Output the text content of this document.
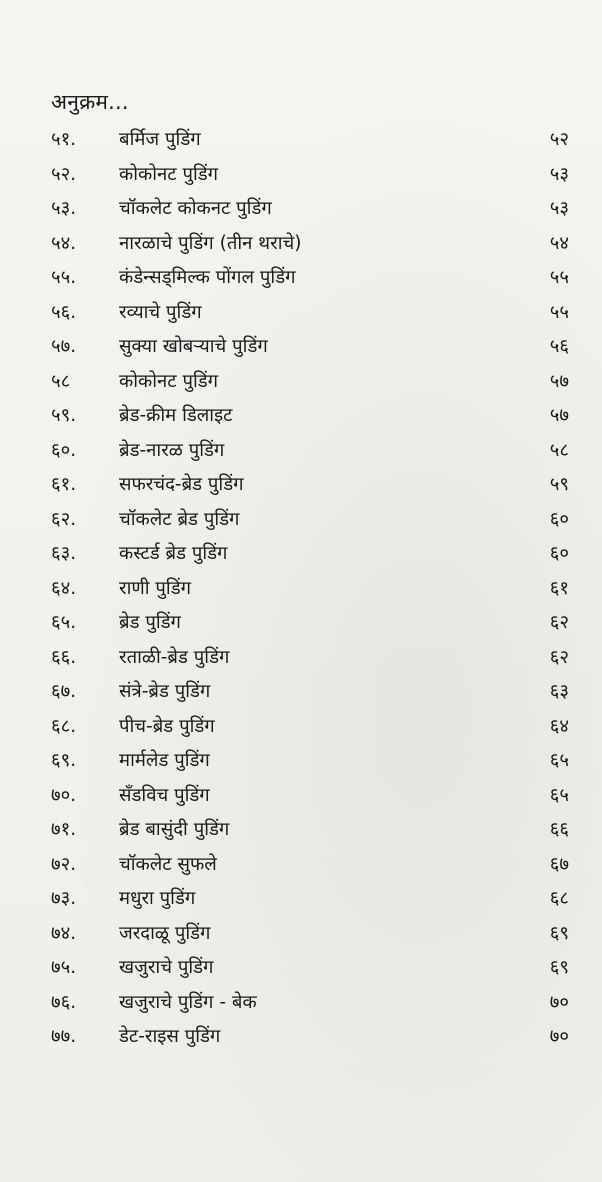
अनुक्रम...
५१.	बर्मिज पुडिंग	५२
५२.	कोकोनट पुडिंग	५३
५३.	चॉकलेट कोकनट पुडिंग	५३
५४.	नारळाचे पुडिंग (तीन थराचे)	५४
५५.	कंडेन्सड्मिल्क पोंगल पुडिंग	५५
५६.	रव्याचे पुडिंग	५५
५७.	सुक्या खोबऱ्याचे पुडिंग	५६
५८	कोकोनट पुडिंग	५७
५९.	ब्रेड-क्रीम डिलाइट	५७
६०.	ब्रेड-नारळ पुडिंग	५८
६१.	सफरचंद-ब्रेड पुडिंग	५९
६२.	चॉकलेट ब्रेड पुडिंग	६०
६३.	कस्टर्ड ब्रेड पुडिंग	६०
६४.	राणी पुडिंग	६१
६५.	ब्रेड पुडिंग	६२
६६.	रताळी-ब्रेड पुडिंग	६२
६७.	संत्रे-ब्रेड पुडिंग	६३
६८.	पीच-ब्रेड पुडिंग	६४
६९.	मार्मलेड पुडिंग	६५
७०.	सँडविच पुडिंग	६५
७१.	ब्रेड बासुंदी पुडिंग	६६
७२.	चॉकलेट सुफले	६७
७३.	मधुरा पुडिंग	६८
७४.	जरदाळू पुडिंग	६९
७५.	खजुराचे पुडिंग	६९
७६.	खजुराचे पुडिंग - बेक	७०
७७.	डेट-राइस पुडिंग	७०
